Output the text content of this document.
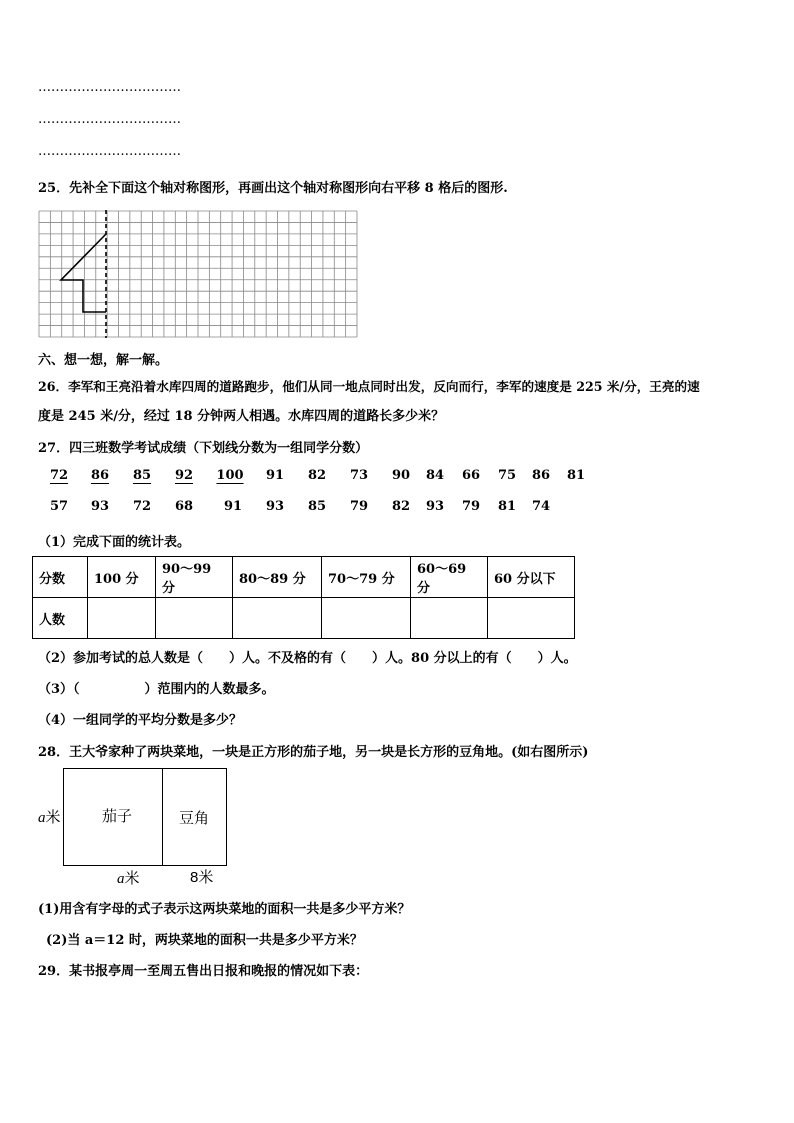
……………………………
……………………………
……………………………
25．先补全下面这个轴对称图形，再画出这个轴对称图形向右平移 8 格后的图形.
六、想一想，解一解。
26．李军和王亮沿着水库四周的道路跑步，他们从同一地点同时出发，反向而行，李军的速度是 225 米/分，王亮的速
度是 245 米/分，经过 18 分钟两人相遇。水库四周的道路长多少米？
27．四三班数学考试成绩（下划线分数为一组同学分数）
72 86 85 92 100 91 82 73 90 84 66 75 86 81
57 93 72 68 91 93 85 79 82 93 79 81 74
（1）完成下面的统计表。
分数	100 分	90～99 分	80～89 分	70～79 分	60～69 分	60 分以下
人数						
（2）参加考试的总人数是（　　）人。不及格的有（　　）人。80 分以上的有（　　）人。
（3）（　　　　　）范围内的人数最多。
（4）一组同学的平均分数是多少？
28．王大爷家种了两块菜地，一块是正方形的茄子地，另一块是长方形的豆角地。(如右图所示)
a米	茄子	豆角
a米	8米
(1)用含有字母的式子表示这两块菜地的面积一共是多少平方米？
(2)当 a＝12 时，两块菜地的面积一共是多少平方米？
29．某书报亭周一至周五售出日报和晚报的情况如下表：
